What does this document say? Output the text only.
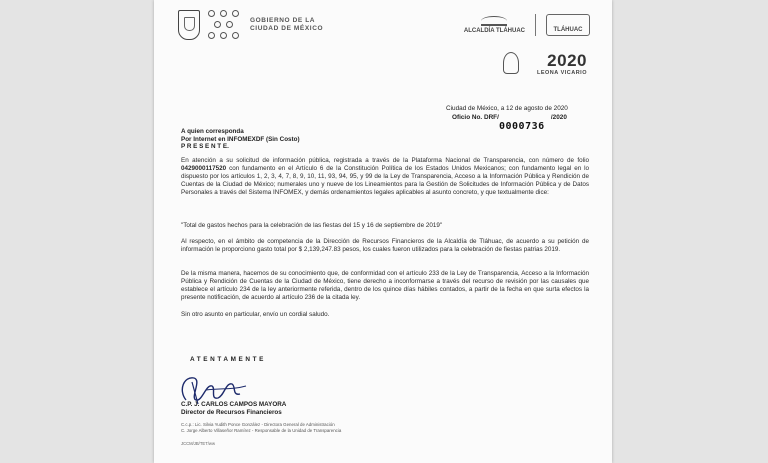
GOBIERNO DE LA CIUDAD DE MÉXICO	ALCALDÍA TLÁHUAC	TLÁHUAC
2020
LEONA VICARIO
Ciudad de México, a 12 de agosto de 2020
Oficio No. DRF/	/2020
0000736
A quien corresponda
Por Internet en INFOMEXDF (Sin Costo)
P R E S E N T E.
En atención a su solicitud de información pública, registrada a través de la Plataforma Nacional de Transparencia, con número de folio 0429000117520 con fundamento en el Artículo 6 de la Constitución Política de los Estados Unidos Mexicanos; con fundamento legal en lo dispuesto por los artículos 1, 2, 3, 4, 7, 8, 9, 10, 11, 93, 94, 95, y 99 de la Ley de Transparencia, Acceso a la Información Pública y Rendición de Cuentas de la Ciudad de México; numerales uno y nueve de los Lineamientos para la Gestión de Solicitudes de Información Pública y de Datos Personales a través del Sistema INFOMEX, y demás ordenamientos legales aplicables al asunto concreto, y que textualmente dice:
"Total de gastos hechos para la celebración de las fiestas del 15 y 16 de septiembre de 2019"
Al respecto, en el ámbito de competencia de la Dirección de Recursos Financieros de la Alcaldía de Tláhuac, de acuerdo a su petición de información le proporciono gasto total por $ 2,139,247.83 pesos, los cuales fueron utilizados para la celebración de fiestas patrias 2019.
De la misma manera, hacemos de su conocimiento que, de conformidad con el artículo 233 de la Ley de Transparencia, Acceso a la Información Pública y Rendición de Cuentas de la Ciudad de México, tiene derecho a inconformarse a través del recurso de revisión por las causales que establece el artículo 234 de la ley anteriormente referida, dentro de los quince días hábiles contados, a partir de la fecha en que surta efectos la presente notificación, de acuerdo al artículo 236 de la citada ley.
Sin otro asunto en particular, envío un cordial saludo.
ATENTAMENTE
C.P. J. CARLOS CAMPOS MAYORA
Director de Recursos Financieros
C.c.p.: Lic. Silvia Yudith Ponce González - Directora General de Administración
C. Jorge Alberto Villaseñor Ramírez - Responsable de la Unidad de Transparencia
JCCM/JB/TET/ww
